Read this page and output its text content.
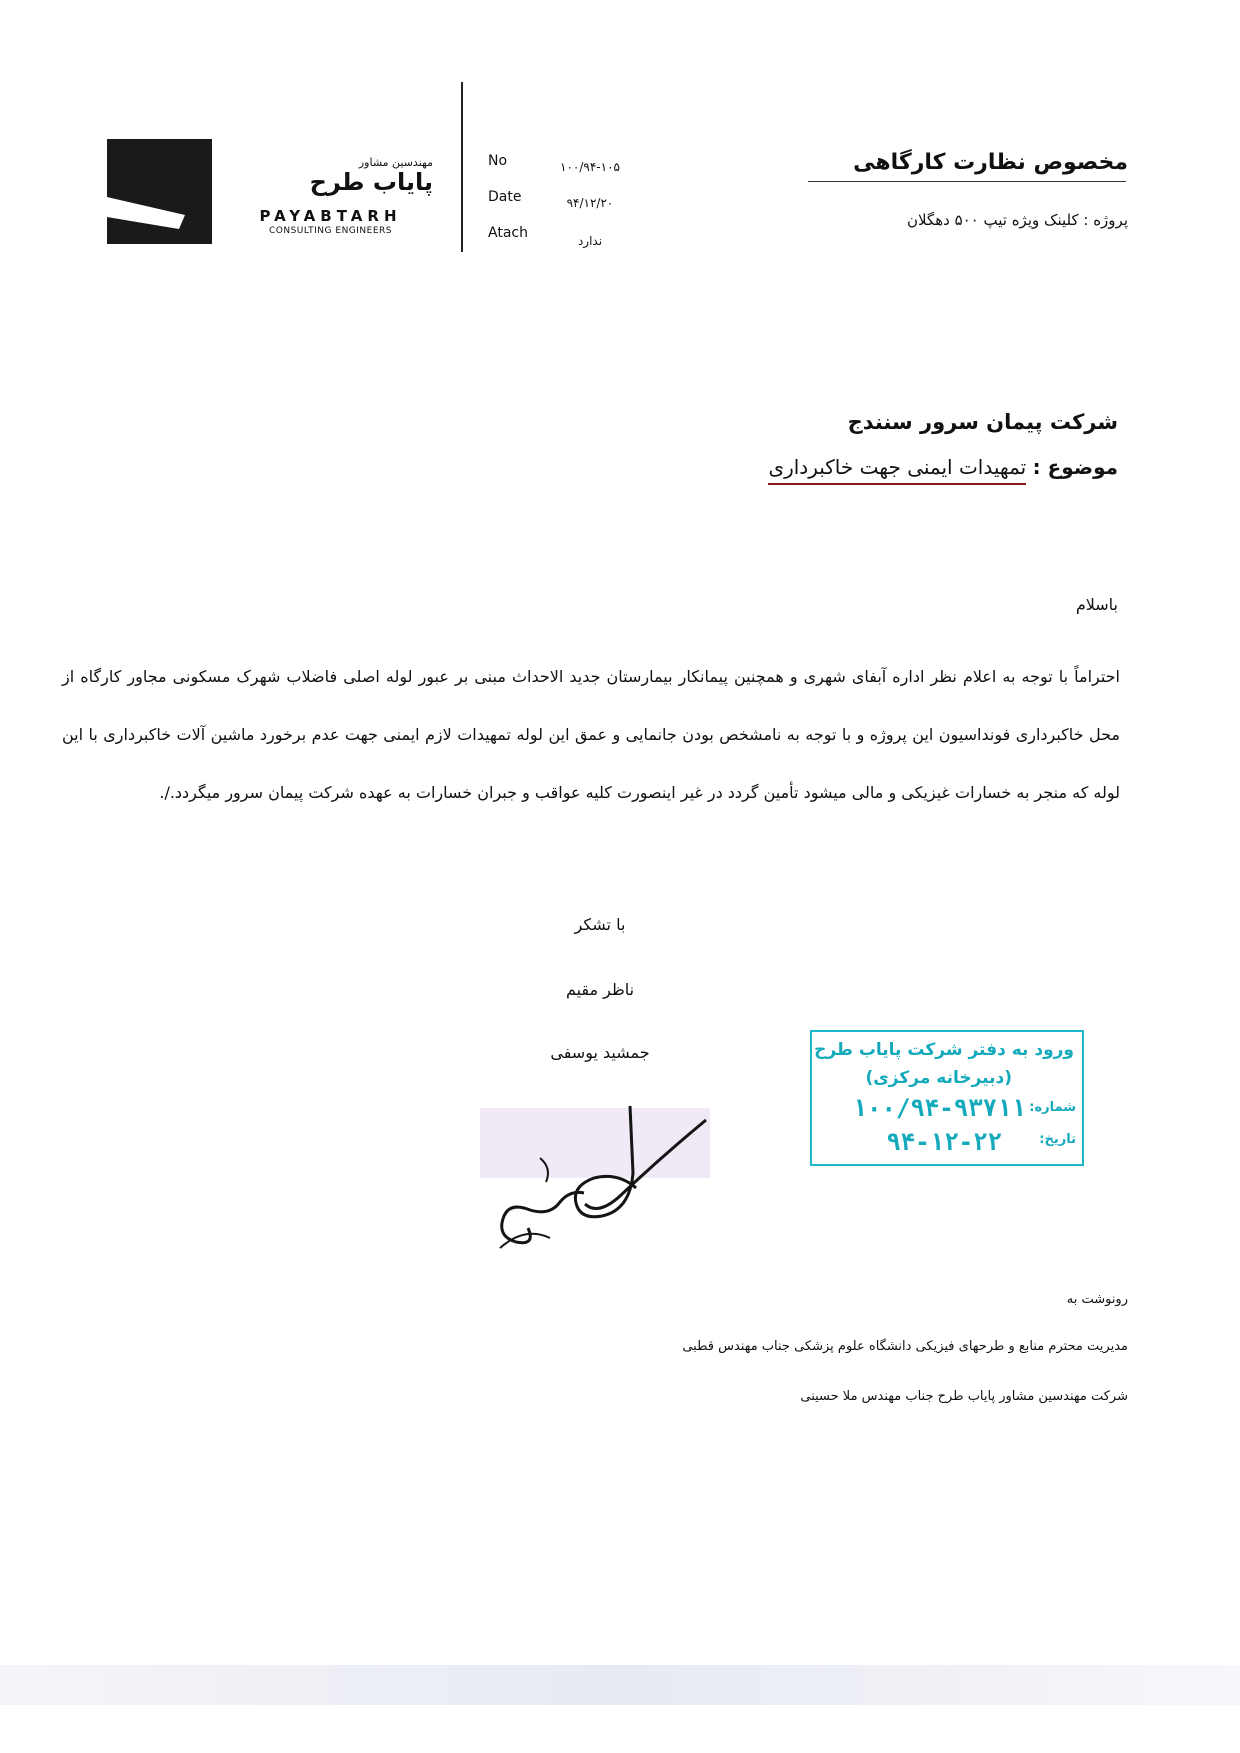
مهندسین مشاور
پایاب طرح
PAYABTARH
CONSULTING ENGINEERS
No	۱۰۰/۹۴-۱۰۵
Date	۹۴/۱۲/۲۰
Atach	ندارد
مخصوص نظارت کارگاهی
پروژه : کلینک ویژه تیپ ۵۰۰ دهگلان
شرکت پیمان سرور سنندج
موضوع : تمهیدات ایمنی جهت خاکبرداری
باسلام
احتراماً با توجه به اعلام نظر اداره آبفای شهری و همچنین پیمانکار بیمارستان جدید الاحداث مبنی بر عبور لوله اصلی فاضلاب شهرک مسکونی مجاور کارگاه از محل خاکبرداری فونداسیون این پروژه و با توجه به نامشخص بودن جانمایی و عمق این لوله تمهیدات لازم ایمنی جهت عدم برخورد ماشین آلات خاکبرداری با این لوله که منجر به خسارات غیزیکی و مالی میشود تأمین گردد در غیر اینصورت کلیه عواقب و جبران خسارات به عهده شرکت پیمان سرور میگردد./.
با تشکر
ناظر مقیم
جمشید یوسفی	ورود به دفتر شرکت پایاب طرح
(دبیرخانه مرکزی)
شماره:
۱۰۰/۹۴-۹۳۷۱۱
تاریخ:
۹۴-۱۲-۲۲
رونوشت به
مدیریت محترم منابع و طرحهای فیزیکی دانشگاه علوم پزشکی جناب مهندس قطبی
شرکت مهندسین مشاور پایاب طرح جناب مهندس ملا حسینی
